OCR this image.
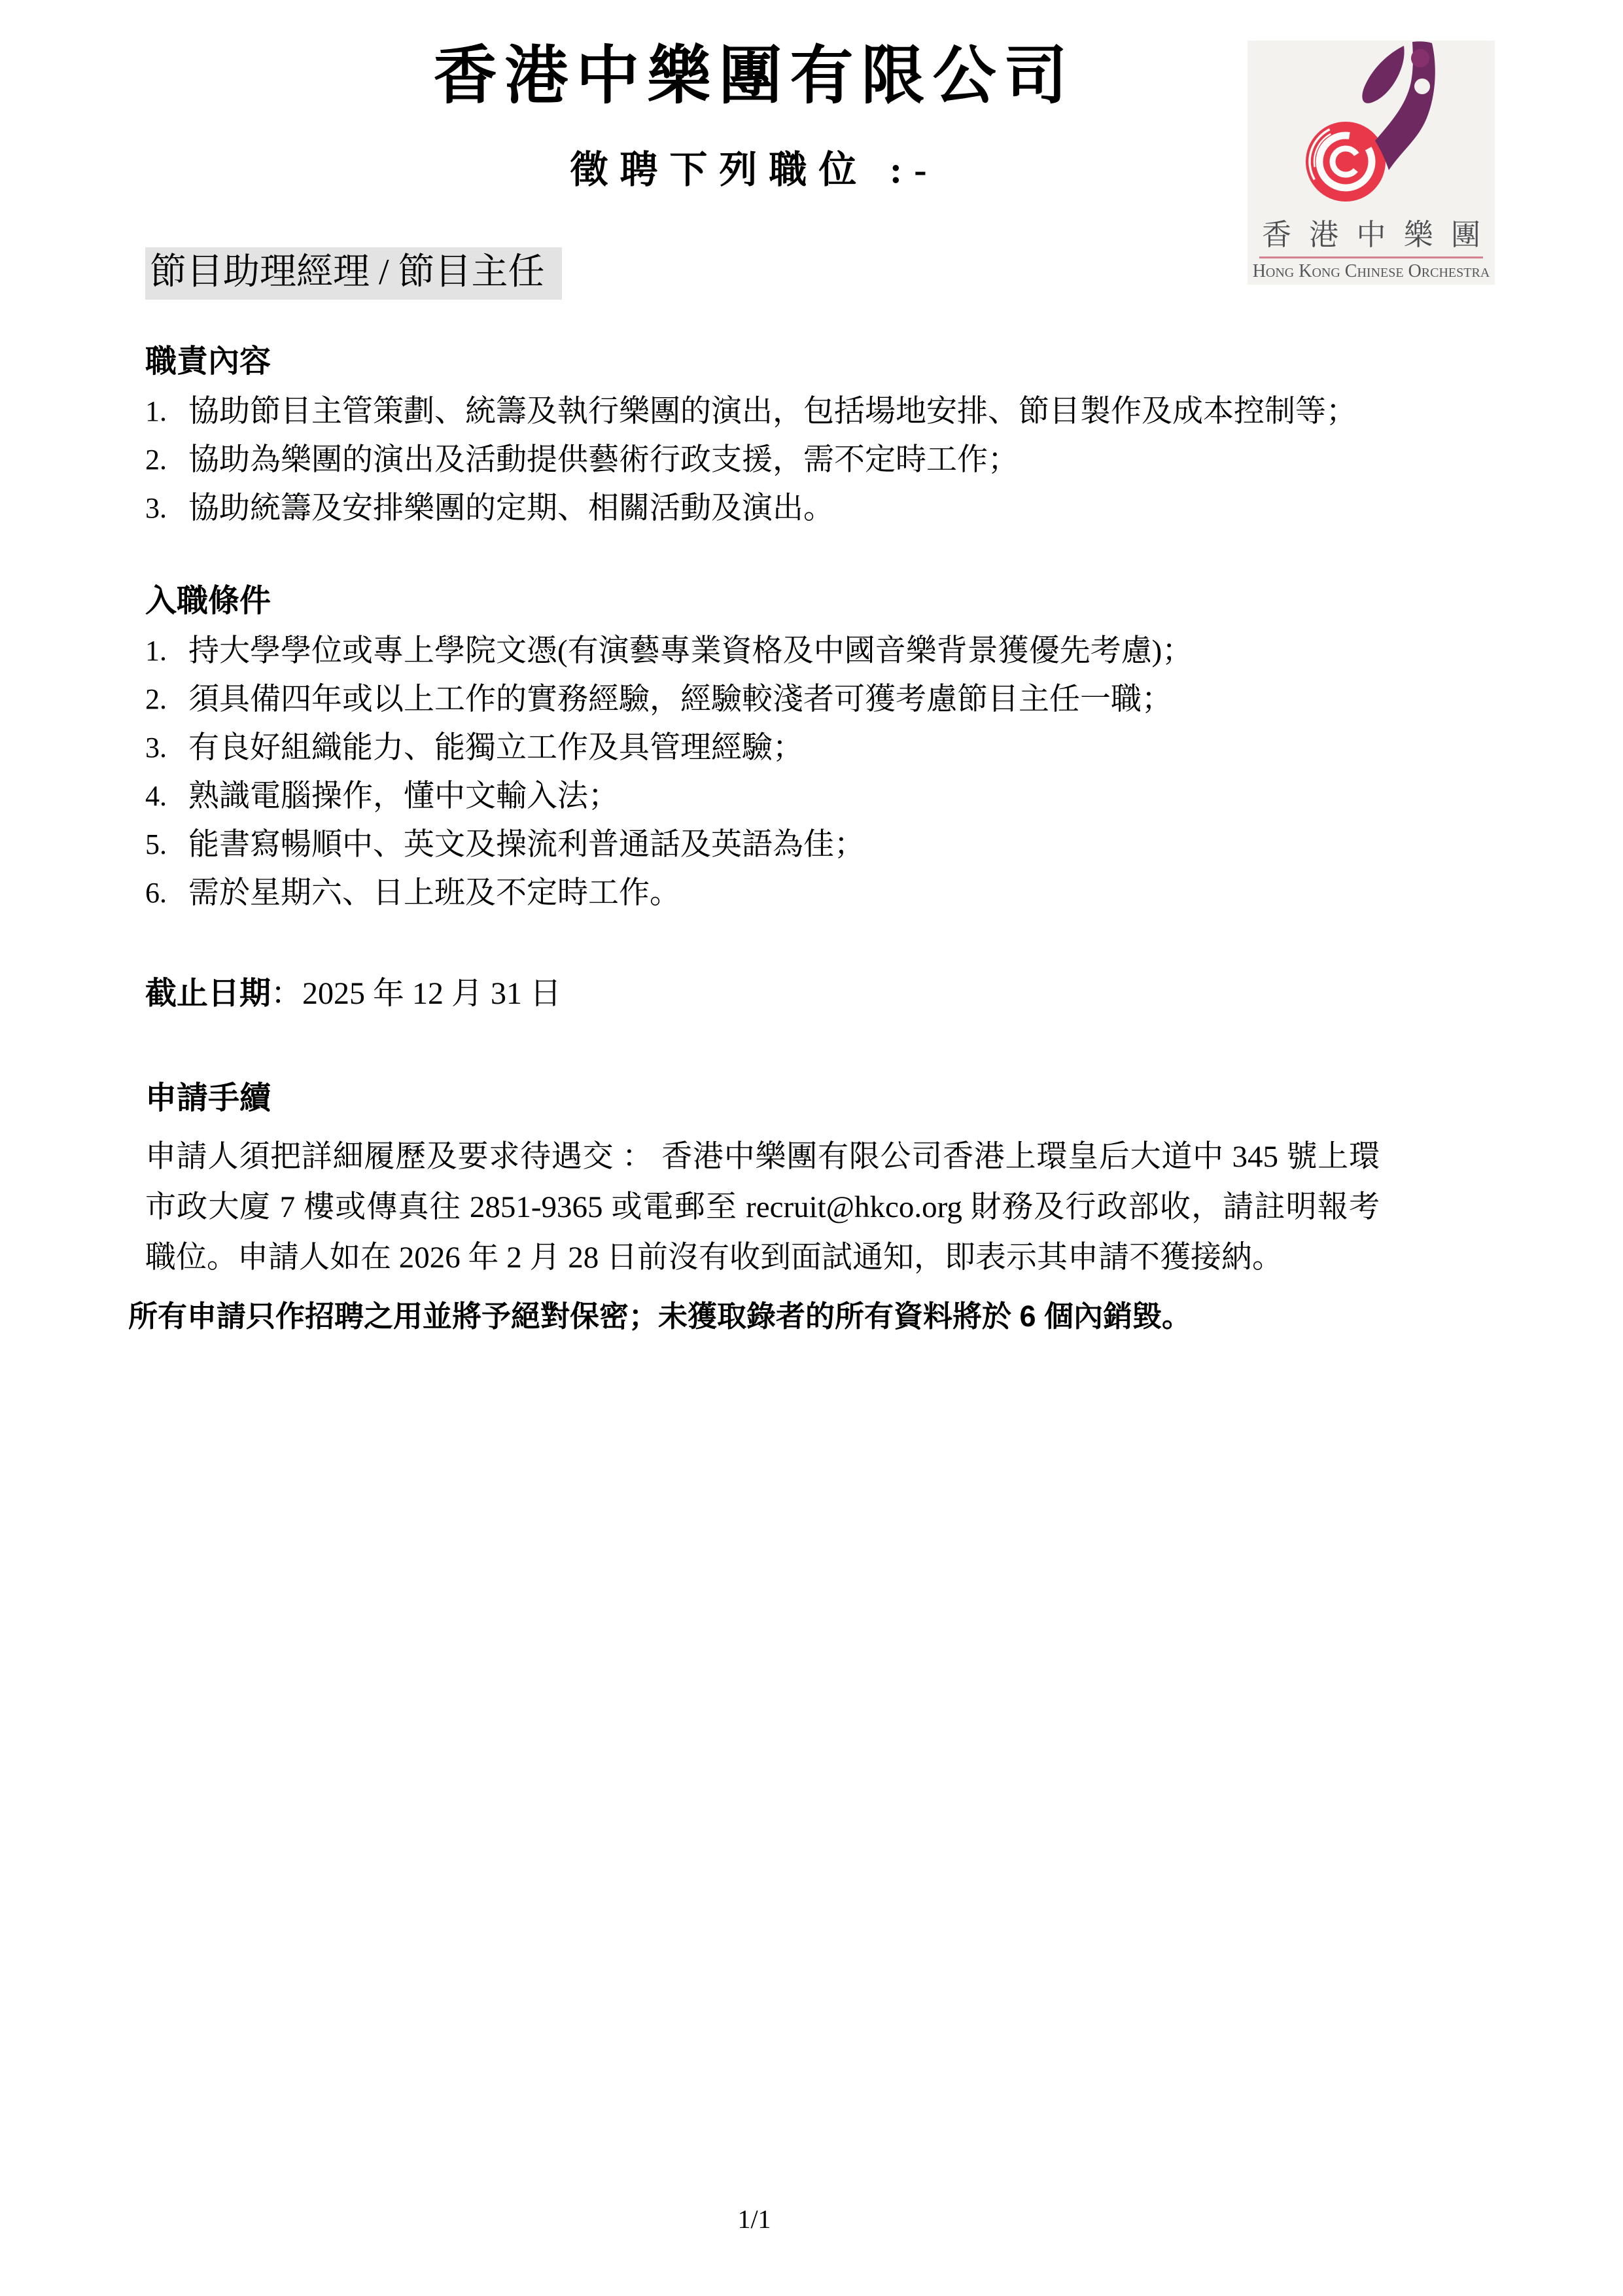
香 港 中 樂 團
Hong Kong Chinese Orchestra
香港中樂團有限公司
徵聘下列職位 :-
節目助理經理 / 節目主任
職責內容
協助節目主管策劃、統籌及執行樂團的演出，包括場地安排、節目製作及成本控制等；
協助為樂團的演出及活動提供藝術行政支援，需不定時工作；
協助統籌及安排樂團的定期、相關活動及演出。
入職條件
持大學學位或專上學院文憑(有演藝專業資格及中國音樂背景獲優先考慮)；
須具備四年或以上工作的實務經驗，經驗較淺者可獲考慮節目主任一職；
有良好組織能力、能獨立工作及具管理經驗；
熟識電腦操作，懂中文輸入法；
能書寫暢順中、英文及操流利普通話及英語為佳；
需於星期六、日上班及不定時工作。
截止日期：2025 年 12 月 31 日
申請手續
申請人須把詳細履歷及要求待遇交 ： 香港中樂團有限公司香港上環皇后大道中 345 號上環市政大廈 7 樓或傳真往 2851-9365 或電郵至 recruit@hkco.org 財務及行政部收，請註明報考職位。申請人如在 2026 年 2 月 28 日前沒有收到面試通知，即表示其申請不獲接納。
所有申請只作招聘之用並將予絕對保密；未獲取錄者的所有資料將於 6 個內銷毀。
1/1
